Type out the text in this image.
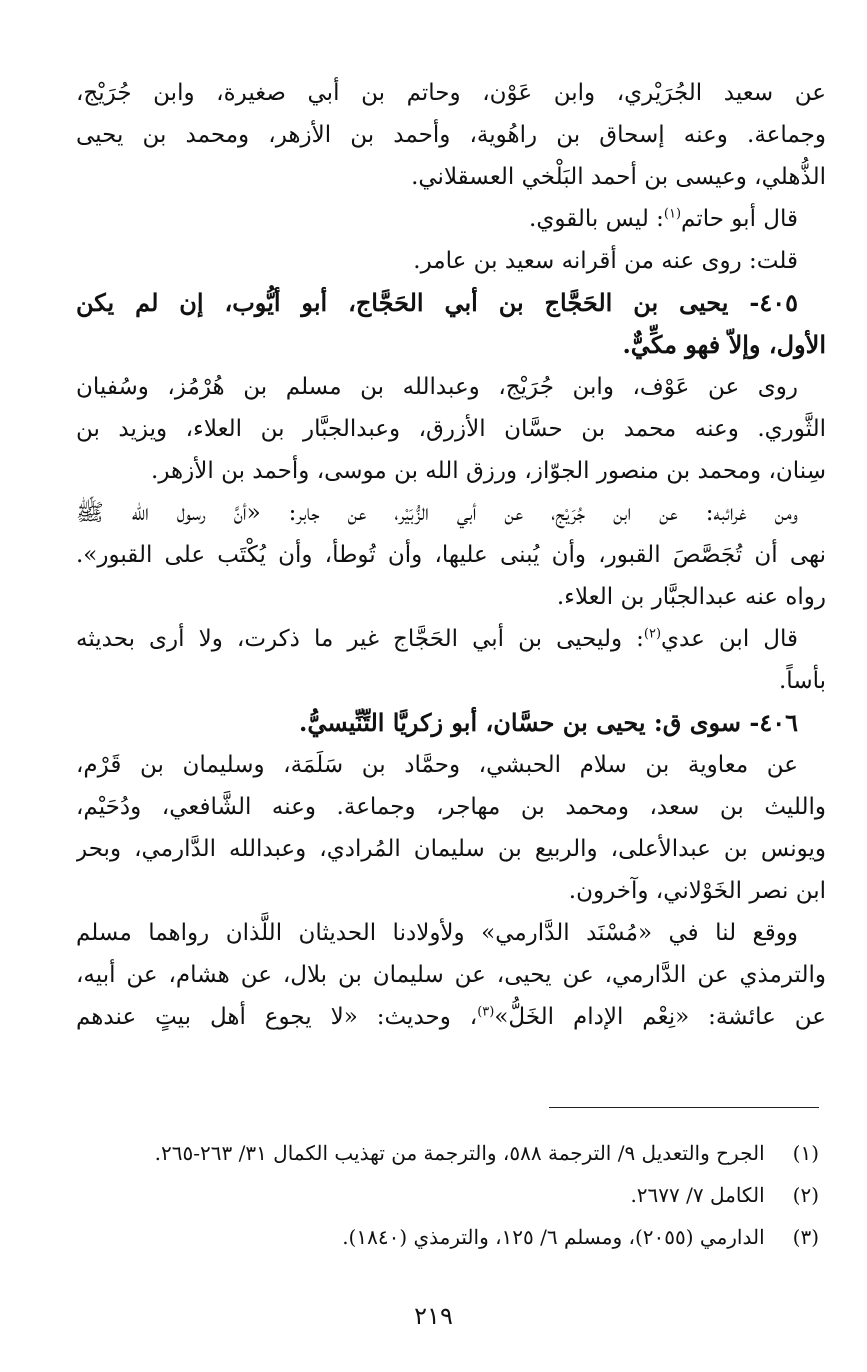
عن سعيد الجُرَيْري، وابن عَوْن، وحاتم بن أبي صغيرة، وابن جُرَيْج،
وجماعة. وعنه إسحاق بن راهُوية، وأحمد بن الأزهر، ومحمد بن يحيى
الذُّهلي، وعيسى بن أحمد البَلْخي العسقلاني.
قال أبو حاتم$^{(١)}$: ليس بالقوي.
قلت: روى عنه من أقرانه سعيد بن عامر.
٤٠٥- يحيى بن الحَجَّاج بن أبي الحَجَّاج، أبو أيُّوب، إن لم يكن
الأول، وإلاّ فهو مكِّيٌّ.
روى عن عَوْف، وابن جُرَيْج، وعبدالله بن مسلم بن هُرْمُز، وسُفيان
الثَّوري. وعنه محمد بن حسَّان الأزرق، وعبدالجبَّار بن العلاء، ويزيد بن
سِنان، ومحمد بن منصور الجوّاز، ورزق الله بن موسى، وأحمد بن الأزهر.
ومن غرائبه: عن ابن جُرَيْج، عن أبي الزُّبَيْر، عن جابر: «أنَّ رسول الله ﷺ
نهى أن تُجَصَّصَ القبور، وأن يُبنى عليها، وأن تُوطأ، وأن يُكْتَب على القبور».
رواه عنه عبدالجبَّار بن العلاء.
قال ابن عدي$^{(٢)}$: وليحيى بن أبي الحَجَّاج غير ما ذكرت، ولا أرى بحديثه
بأساً.
٤٠٦- سوى ق: يحيى بن حسَّان، أبو زكريَّا التِّنِّيسيُّ.
عن معاوية بن سلام الحبشي، وحمَّاد بن سَلَمَة، وسليمان بن قَرْم،
والليث بن سعد، ومحمد بن مهاجر، وجماعة. وعنه الشَّافعي، ودُحَيْم،
ويونس بن عبدالأعلى، والربيع بن سليمان المُرادي، وعبدالله الدَّارمي، وبحر
ابن نصر الخَوْلاني، وآخرون.
ووقع لنا في «مُسْنَد الدَّارمي» ولأولادنا الحديثان اللَّذان رواهما مسلم
والترمذي عن الدَّارمي، عن يحيى، عن سليمان بن بلال، عن هشام، عن أبيه،
عن عائشة: «نِعْم الإدام الخَلُّ»$^{(٣)}$، وحديث: «لا يجوع أهل بيتٍ عندهم
(١) الجرح والتعديل ٩/ الترجمة ٥٨٨، والترجمة من تهذيب الكمال ٣١/ ٢٦٣-٢٦٥.
(٢) الكامل ٧/ ٢٦٧٧.
(٣) الدارمي (٢٠٥٥)، ومسلم ٦/ ١٢٥، والترمذي (١٨٤٠).
٢١٩
